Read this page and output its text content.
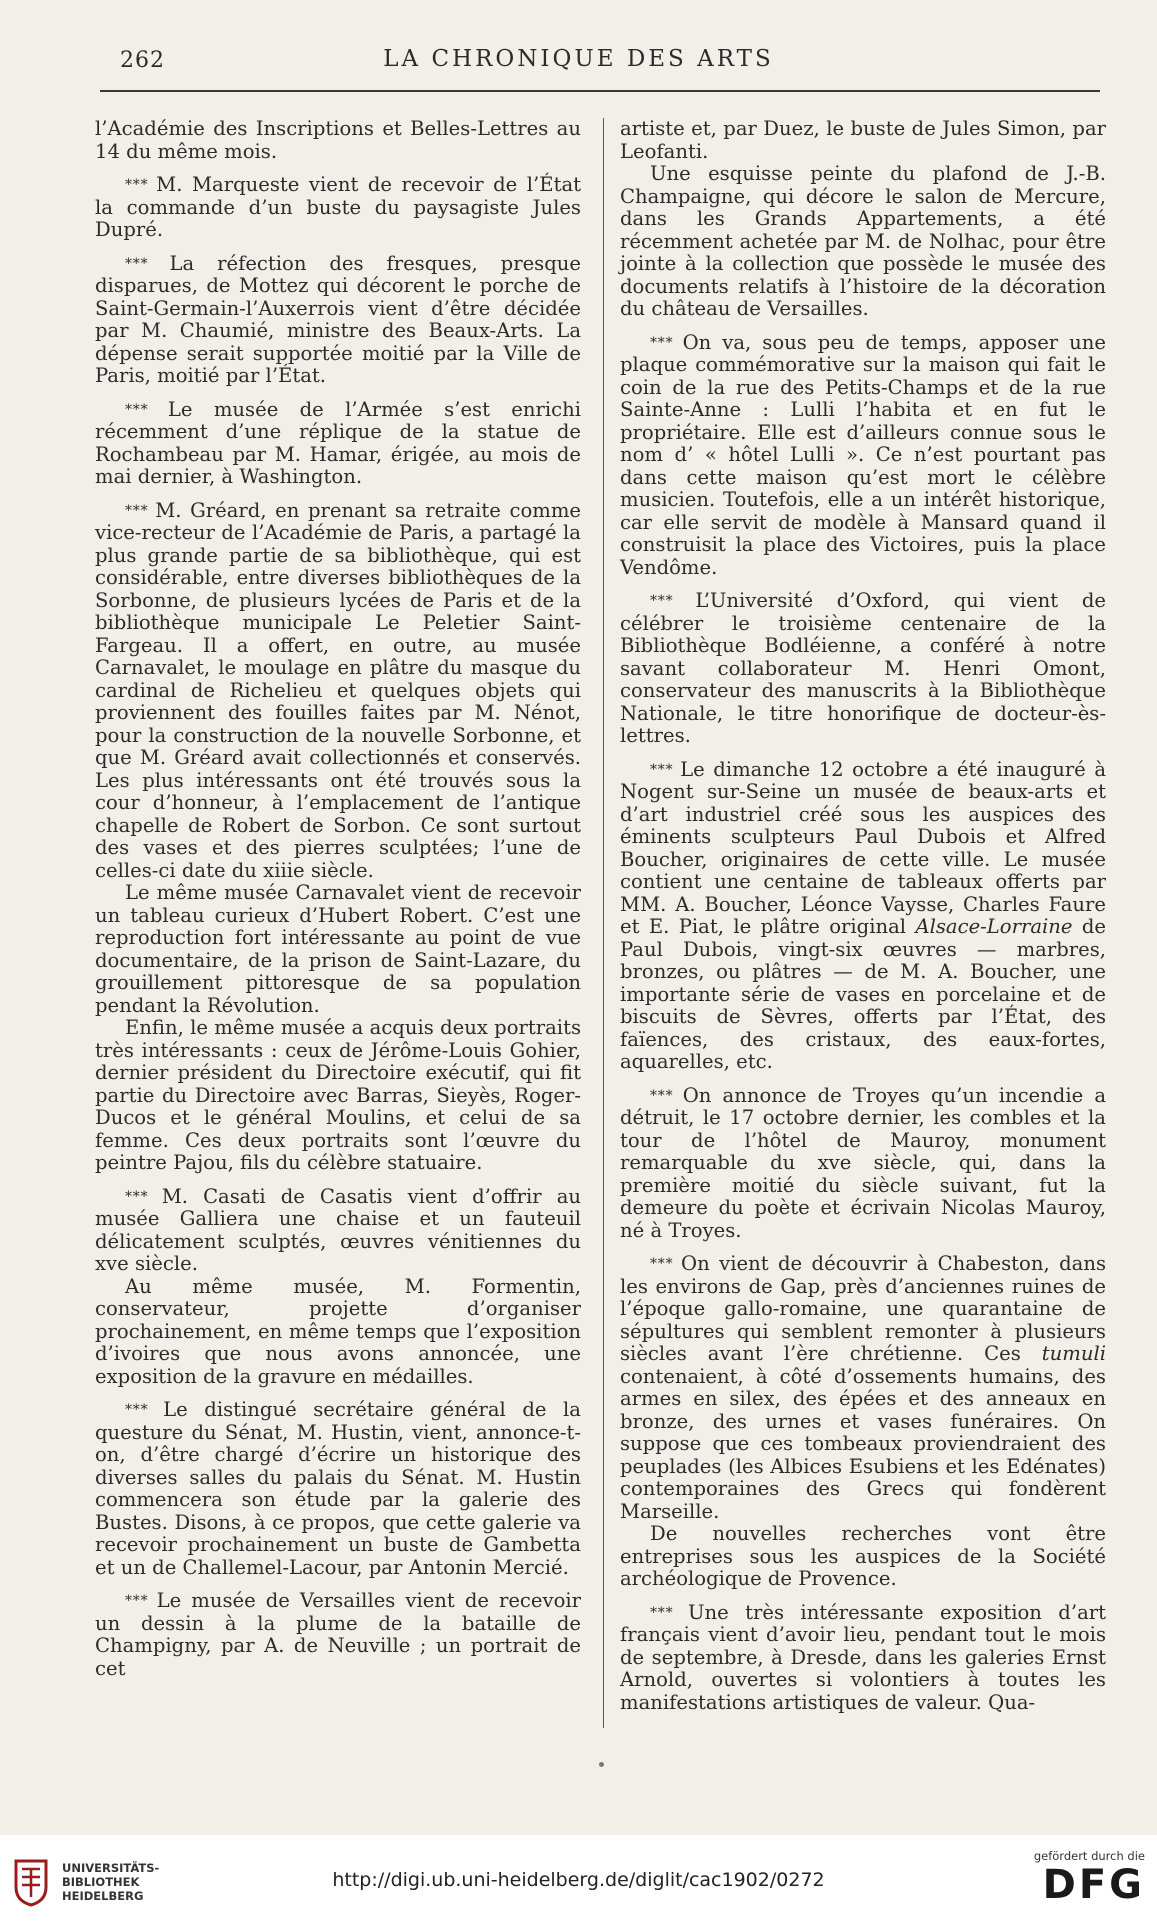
262	LA CHRONIQUE DES ARTS

l’Académie des Inscriptions et Belles-Lettres au 14 du même mois.

* * * M. Marqueste vient de recevoir de l’État la commande d’un buste du paysagiste Jules Dupré.

* * * La réfection des fresques, presque disparues, de Mottez qui décorent le porche de Saint-Germain-l’Auxerrois vient d’être décidée par M. Chaumié, ministre des Beaux-Arts. La dépense serait supportée moitié par la Ville de Paris, moitié par l’État.

* * * Le musée de l’Armée s’est enrichi récemment d’une réplique de la statue de Rochambeau par M. Hamar, érigée, au mois de mai dernier, à Washington.

* * * M. Gréard, en prenant sa retraite comme vice-recteur de l’Académie de Paris, a partagé la plus grande partie de sa bibliothèque, qui est considérable, entre diverses bibliothèques de la Sorbonne, de plusieurs lycées de Paris et de la bibliothèque municipale Le Peletier Saint-Fargeau. Il a offert, en outre, au musée Carnavalet, le moulage en plâtre du masque du cardinal de Richelieu et quelques objets qui proviennent des fouilles faites par M. Nénot, pour la construction de la nouvelle Sorbonne, et que M. Gréard avait collectionnés et conservés. Les plus intéressants ont été trouvés sous la cour d’honneur, à l’emplacement de l’antique chapelle de Robert de Sorbon. Ce sont surtout des vases et des pierres sculptées; l’une de celles-ci date du xiiie siècle.

Le même musée Carnavalet vient de recevoir un tableau curieux d’Hubert Robert. C’est une reproduction fort intéressante au point de vue documentaire, de la prison de Saint-Lazare, du grouillement pittoresque de sa population pendant la Révolution.

Enfin, le même musée a acquis deux portraits très intéressants : ceux de Jérôme-Louis Gohier, dernier président du Directoire exécutif, qui fit partie du Directoire avec Barras, Sieyès, Roger-Ducos et le général Moulins, et celui de sa femme. Ces deux portraits sont l’œuvre du peintre Pajou, fils du célèbre statuaire.

* * * M. Casati de Casatis vient d’offrir au musée Galliera une chaise et un fauteuil délicatement sculptés, œuvres vénitiennes du xve siècle.

Au même musée, M. Formentin, conservateur, projette d’organiser prochainement, en même temps que l’exposition d’ivoires que nous avons annoncée, une exposition de la gravure en médailles.

* * * Le distingué secrétaire général de la questure du Sénat, M. Hustin, vient, annonce-t-on, d’être chargé d’écrire un historique des diverses salles du palais du Sénat. M. Hustin commencera son étude par la galerie des Bustes. Disons, à ce propos, que cette galerie va recevoir prochainement un buste de Gambetta et un de Challemel-Lacour, par Antonin Mercié.

* * * Le musée de Versailles vient de recevoir un dessin à la plume de la bataille de Champigny, par A. de Neuville ; un portrait de cet

artiste et, par Duez, le buste de Jules Simon, par Leofanti.

Une esquisse peinte du plafond de J.-B. Champaigne, qui décore le salon de Mercure, dans les Grands Appartements, a été récemment achetée par M. de Nolhac, pour être jointe à la collection que possède le musée des documents relatifs à l’histoire de la décoration du château de Versailles.

* * * On va, sous peu de temps, apposer une plaque commémorative sur la maison qui fait le coin de la rue des Petits-Champs et de la rue Sainte-Anne : Lulli l’habita et en fut le propriétaire. Elle est d’ailleurs connue sous le nom d’ « hôtel Lulli ». Ce n’est pourtant pas dans cette maison qu’est mort le célèbre musicien. Toutefois, elle a un intérêt historique, car elle servit de modèle à Mansard quand il construisit la place des Victoires, puis la place Vendôme.

* * * L’Université d’Oxford, qui vient de célébrer le troisième centenaire de la Bibliothèque Bodléienne, a conféré à notre savant collaborateur M. Henri Omont, conservateur des manuscrits à la Bibliothèque Nationale, le titre honorifique de docteur-ès-lettres.

* * * Le dimanche 12 octobre a été inauguré à Nogent sur-Seine un musée de beaux-arts et d’art industriel créé sous les auspices des éminents sculpteurs Paul Dubois et Alfred Boucher, originaires de cette ville. Le musée contient une centaine de tableaux offerts par MM. A. Boucher, Léonce Vaysse, Charles Faure et E. Piat, le plâtre original Alsace-Lorraine de Paul Dubois, vingt-six œuvres — marbres, bronzes, ou plâtres — de M. A. Boucher, une importante série de vases en porcelaine et de biscuits de Sèvres, offerts par l’État, des faïences, des cristaux, des eaux-fortes, aquarelles, etc.

* * * On annonce de Troyes qu’un incendie a détruit, le 17 octobre dernier, les combles et la tour de l’hôtel de Mauroy, monument remarquable du xve siècle, qui, dans la première moitié du siècle suivant, fut la demeure du poète et écrivain Nicolas Mauroy, né à Troyes.

* * * On vient de découvrir à Chabeston, dans les environs de Gap, près d’anciennes ruines de l’époque gallo-romaine, une quarantaine de sépultures qui semblent remonter à plusieurs siècles avant l’ère chrétienne. Ces tumuli contenaient, à côté d’ossements humains, des armes en silex, des épées et des anneaux en bronze, des urnes et vases funéraires. On suppose que ces tombeaux proviendraient des peuplades (les Albices Esubiens et les Edénates) contemporaines des Grecs qui fondèrent Marseille.

De nouvelles recherches vont être entreprises sous les auspices de la Société archéologique de Provence.

* * * Une très intéressante exposition d’art français vient d’avoir lieu, pendant tout le mois de septembre, à Dresde, dans les galeries Ernst Arnold, ouvertes si volontiers à toutes les manifestations artistiques de valeur. Qua-

UNIVERSITÄTS-
BIBLIOTHEK
HEIDELBERG
http://digi.ub.uni-heidelberg.de/diglit/cac1902/0272
gefördert durch die
DFG
